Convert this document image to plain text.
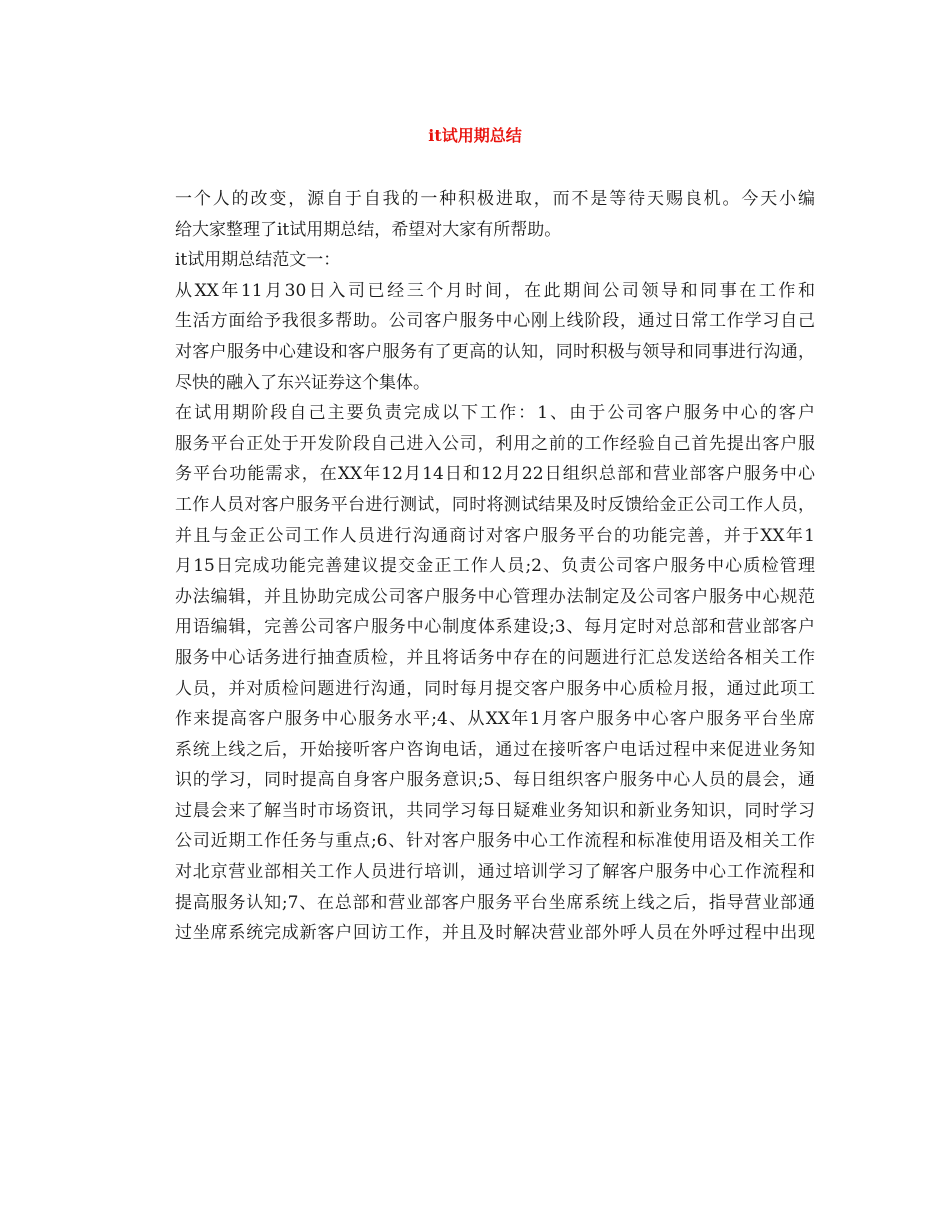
it试用期总结

一个人的改变，源自于自我的一种积极进取，而不是等待天赐良机。今天小编
给大家整理了it试用期总结，希望对大家有所帮助。

it试用期总结范文一：

从XX年11月30日入司已经三个月时间，在此期间公司领导和同事在工作和
生活方面给予我很多帮助。公司客户服务中心刚上线阶段，通过日常工作学习自己
对客户服务中心建设和客户服务有了更高的认知，同时积极与领导和同事进行沟通，
尽快的融入了东兴证券这个集体。

在试用期阶段自己主要负责完成以下工作：1、由于公司客户服务中心的客户
服务平台正处于开发阶段自己进入公司，利用之前的工作经验自己首先提出客户服
务平台功能需求，在XX年12月14日和12月22日组织总部和营业部客户服务中心
工作人员对客户服务平台进行测试，同时将测试结果及时反馈给金正公司工作人员，
并且与金正公司工作人员进行沟通商讨对客户服务平台的功能完善，并于XX年1
月15日完成功能完善建议提交金正工作人员;2、负责公司客户服务中心质检管理
办法编辑，并且协助完成公司客户服务中心管理办法制定及公司客户服务中心规范
用语编辑，完善公司客户服务中心制度体系建设;3、每月定时对总部和营业部客户
服务中心话务进行抽查质检，并且将话务中存在的问题进行汇总发送给各相关工作
人员，并对质检问题进行沟通，同时每月提交客户服务中心质检月报，通过此项工
作来提高客户服务中心服务水平;4、从XX年1月客户服务中心客户服务平台坐席
系统上线之后，开始接听客户咨询电话，通过在接听客户电话过程中来促进业务知
识的学习，同时提高自身客户服务意识;5、每日组织客户服务中心人员的晨会，通
过晨会来了解当时市场资讯，共同学习每日疑难业务知识和新业务知识，同时学习
公司近期工作任务与重点;6、针对客户服务中心工作流程和标准使用语及相关工作
对北京营业部相关工作人员进行培训，通过培训学习了解客户服务中心工作流程和
提高服务认知;7、在总部和营业部客户服务平台坐席系统上线之后，指导营业部通
过坐席系统完成新客户回访工作，并且及时解决营业部外呼人员在外呼过程中出现
